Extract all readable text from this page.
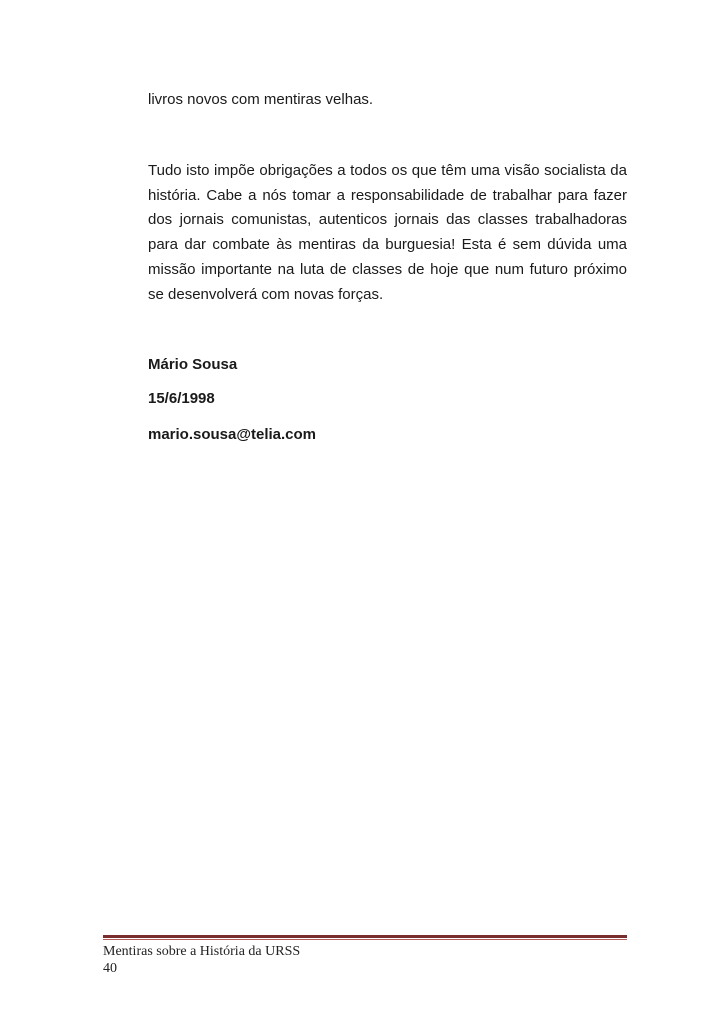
livros novos com mentiras velhas.

Tudo isto impõe obrigações a todos os que têm uma visão socialista da história. Cabe a nós tomar a responsabilidade de trabalhar para fazer dos jornais comunistas, autenticos jornais das classes trabalhadoras para dar combate às mentiras da burguesia! Esta é sem dúvida uma missão importante na luta de classes de hoje que num futuro próximo se desenvolverá com novas forças.

Mário Sousa

15/6/1998

mario.sousa@telia.com

Mentiras sobre a História da URSS

40
